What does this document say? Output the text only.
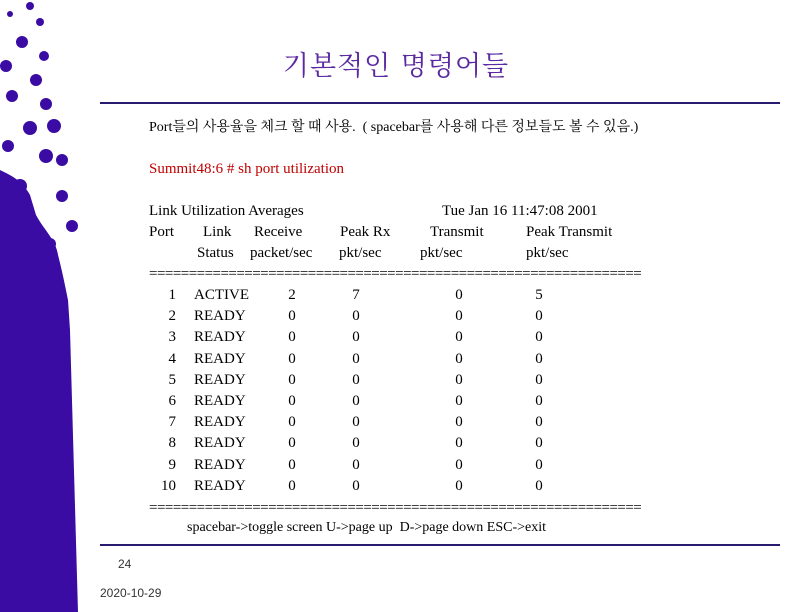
기본적인 명령어들
Port들의 사용율을 체크 할 때 사용.  ( spacebar를 사용해 다른 정보들도 볼 수 있음.)
Summit48:6 # sh port utilization
Link Utilization Averages	Tue Jan 16 11:47:08 2001
Port Link Receive	Peak Rx	Transmit	Peak Transmit
Status packet/sec pkt/sec	pkt/sec	pkt/sec
==============================================================
1 ACTIVE	2	7	0	5
2 READY	0	0	0	0
3 READY	0	0	0	0
4 READY	0	0	0	0
5 READY	0	0	0	0
6 READY	0	0	0	0
7 READY	0	0	0	0
8 READY	0	0	0	0
9 READY	0	0	0	0
10 READY	0	0	0	0
==============================================================
spacebar->toggle screen U->page up  D->page down ESC->exit
24
2020-10-29
